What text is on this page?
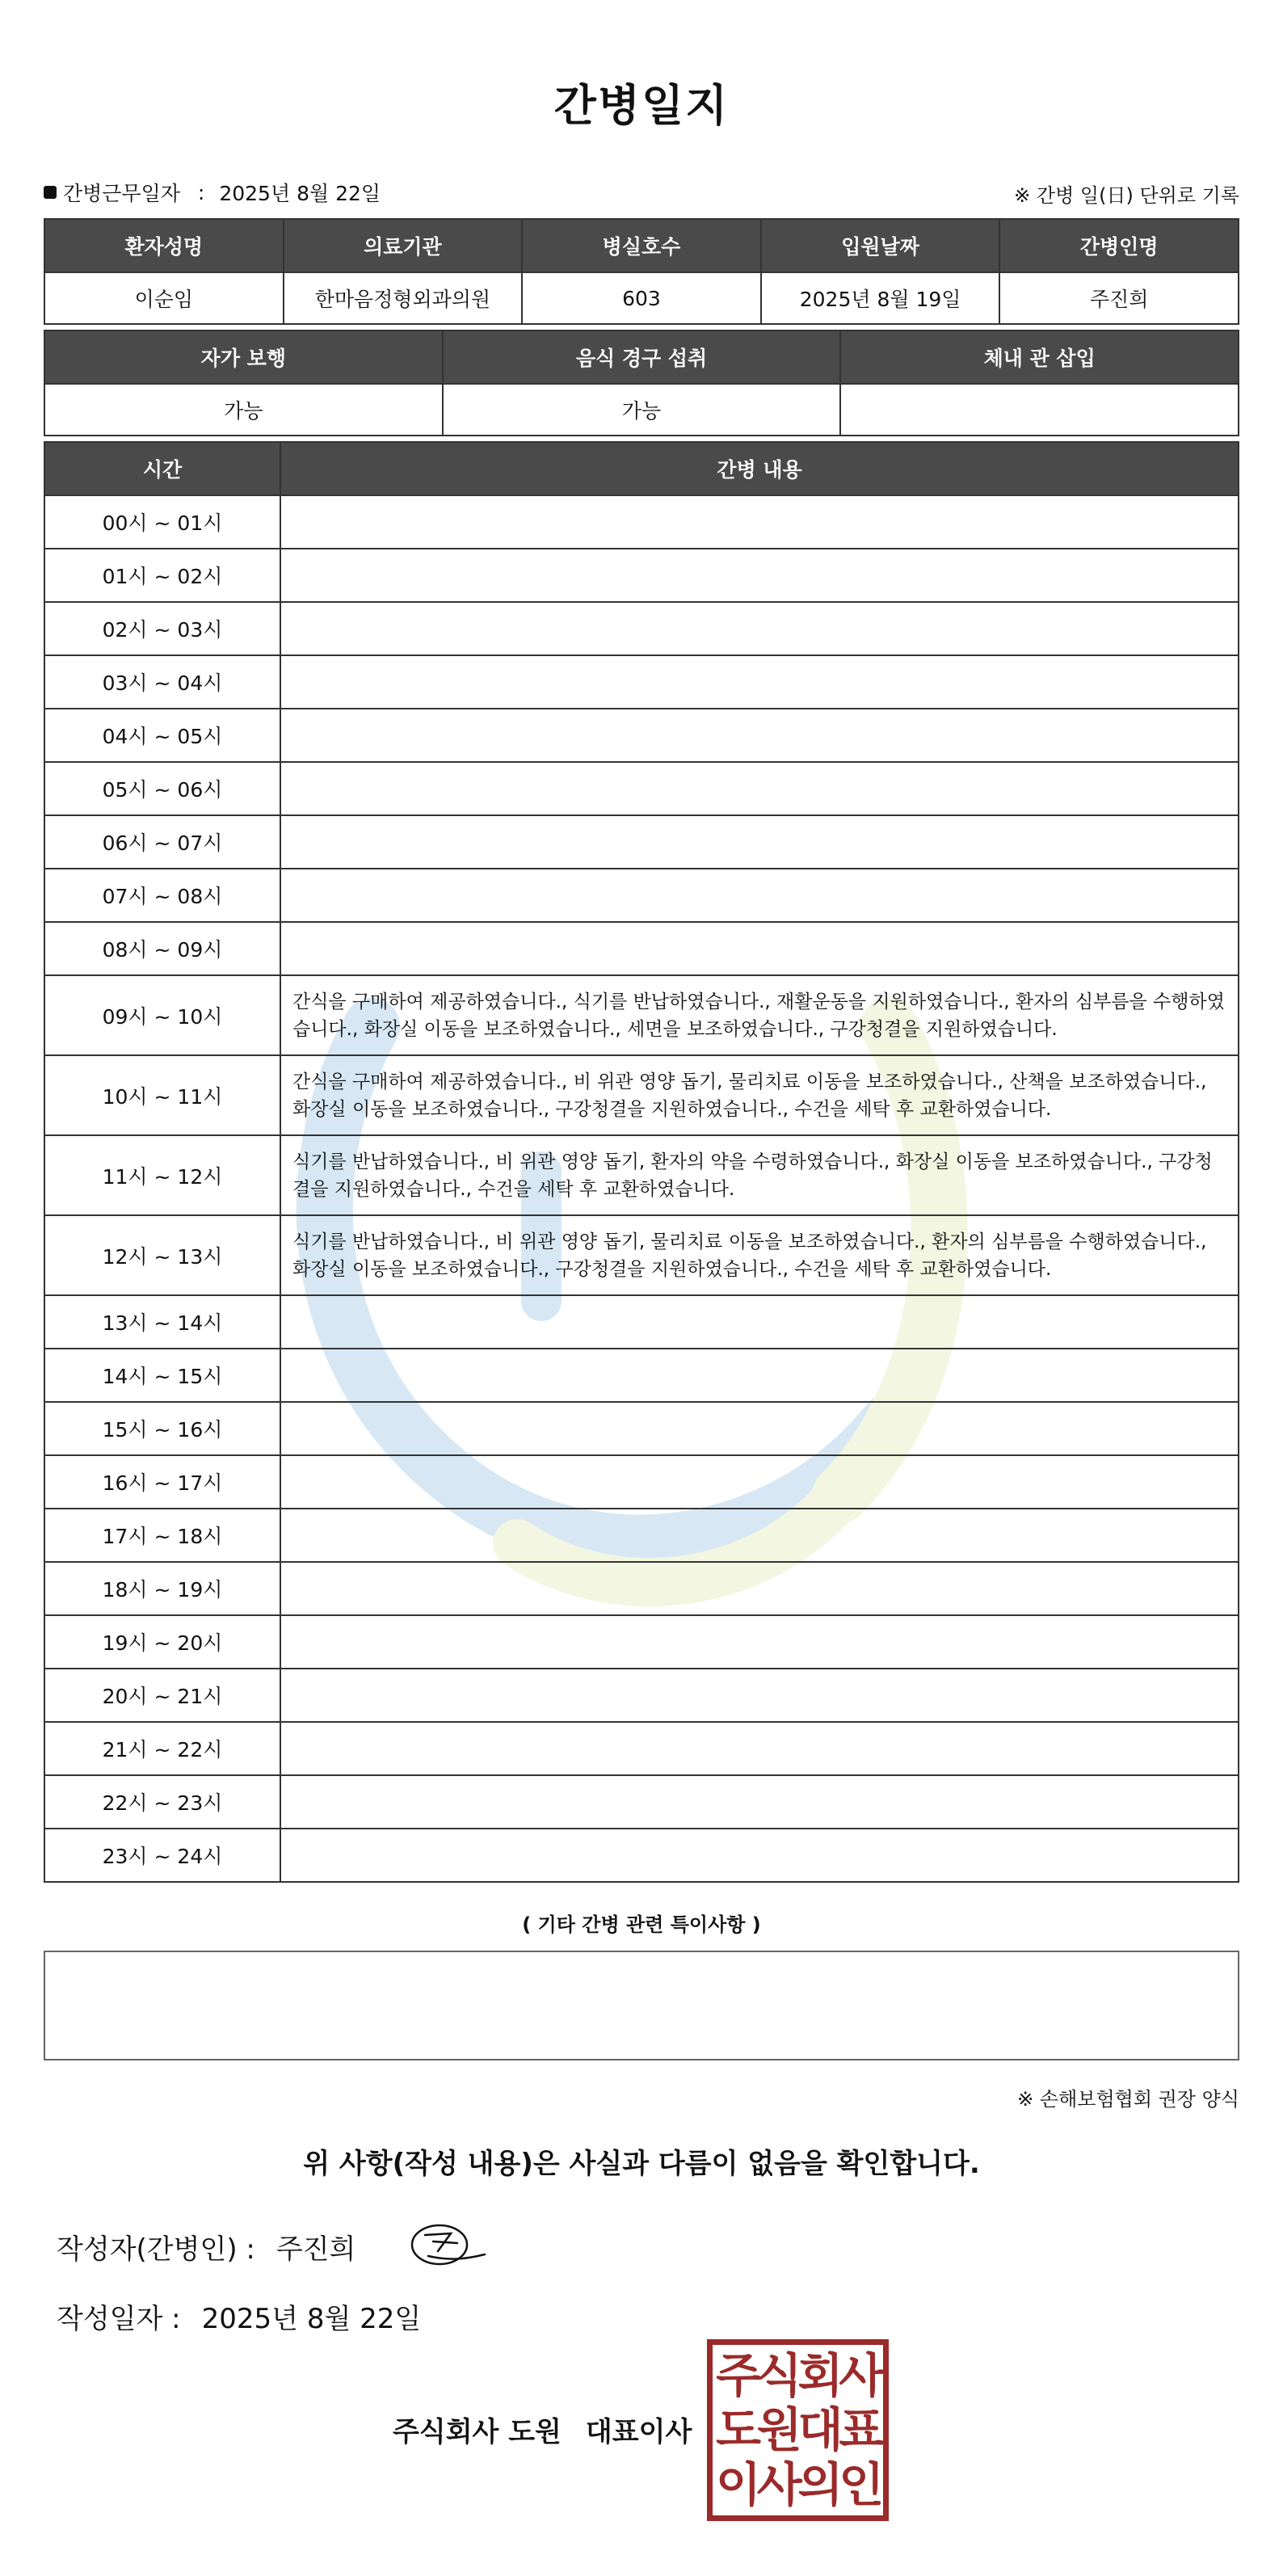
간병일지
간병근무일자 : 2025년 8월 22일	※ 간병 일(日) 단위로 기록
환자성명	의료기관	병실호수	입원날짜	간병인명
이순임	한마음정형외과의원	603	2025년 8월 19일	주진희
자가 보행	음식 경구 섭취	체내 관 삽입
가능	가능	
시간	간병 내용
00시 ~ 01시	
01시 ~ 02시	
02시 ~ 03시	
03시 ~ 04시	
04시 ~ 05시	
05시 ~ 06시	
06시 ~ 07시	
07시 ~ 08시	
08시 ~ 09시	
09시 ~ 10시	간식을 구매하여 제공하였습니다., 식기를 반납하였습니다., 재활운동을 지원하였습니다., 환자의 심부름을 수행하였습니다., 화장실 이동을 보조하였습니다., 세면을 보조하였습니다., 구강청결을 지원하였습니다.
10시 ~ 11시	간식을 구매하여 제공하였습니다., 비 위관 영양 돕기, 물리치료 이동을 보조하였습니다., 산책을 보조하였습니다., 화장실 이동을 보조하였습니다., 구강청결을 지원하였습니다., 수건을 세탁 후 교환하였습니다.
11시 ~ 12시	식기를 반납하였습니다., 비 위관 영양 돕기, 환자의 약을 수령하였습니다., 화장실 이동을 보조하였습니다., 구강청결을 지원하였습니다., 수건을 세탁 후 교환하였습니다.
12시 ~ 13시	식기를 반납하였습니다., 비 위관 영양 돕기, 물리치료 이동을 보조하였습니다., 환자의 심부름을 수행하였습니다., 화장실 이동을 보조하였습니다., 구강청결을 지원하였습니다., 수건을 세탁 후 교환하였습니다.
13시 ~ 14시	
14시 ~ 15시	
15시 ~ 16시	
16시 ~ 17시	
17시 ~ 18시	
18시 ~ 19시	
19시 ~ 20시	
20시 ~ 21시	
21시 ~ 22시	
22시 ~ 23시	
23시 ~ 24시	
( 기타 간병 관련 특이사항 )
※ 손해보험협회 권장 양식
위 사항(작성 내용)은 사실과 다름이 없음을 확인합니다.
작성자(간병인) : 주진희
작성일자 : 2025년 8월 22일
주식회사 도원 대표이사
주
식
회
사
도
원
대
표
이
사
의
인
